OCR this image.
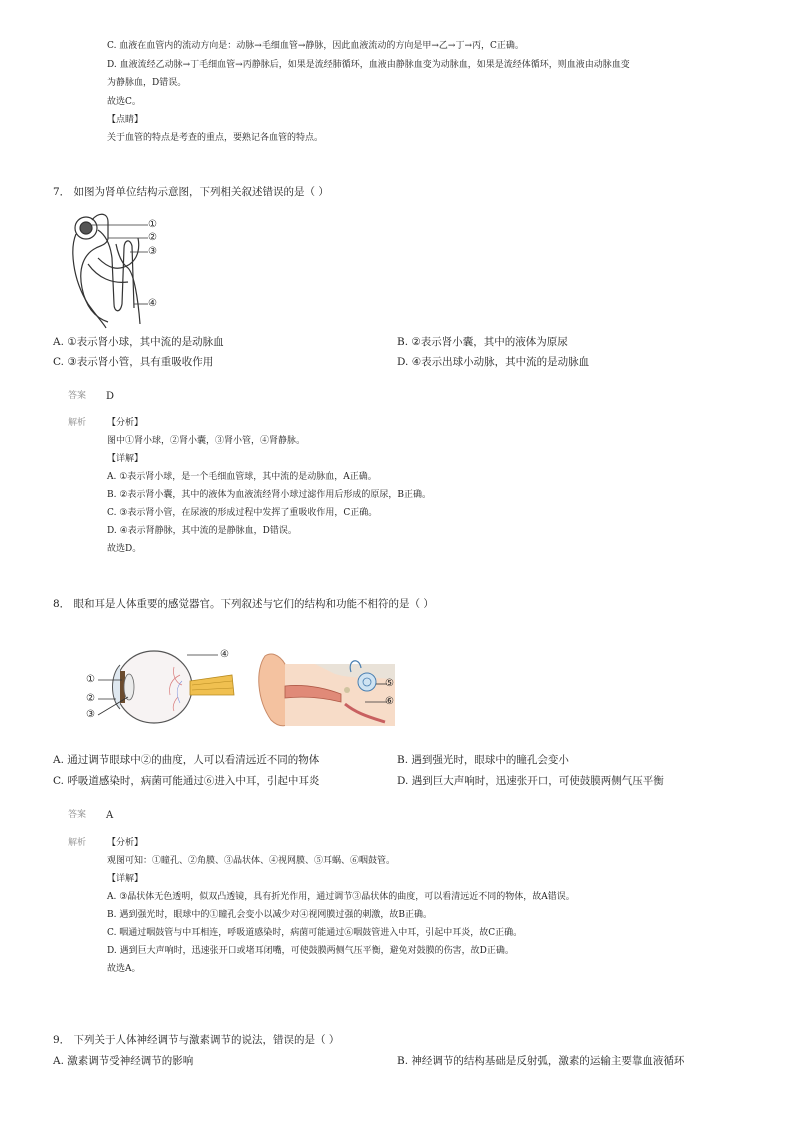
C. 血液在血管内的流动方向是：动脉→毛细血管→静脉，因此血液流动的方向是甲→乙→丁→丙，C正确。
D. 血液流经乙动脉→丁毛细血管→丙静脉后，如果是流经肺循环，血液由静脉血变为动脉血，如果是流经体循环，则血液由动脉血变
为静脉血，D错误。
故选C。
【点睛】
关于血管的特点是考查的重点，要熟记各血管的特点。
7． 如图为肾单位结构示意图，下列相关叙述错误的是（ ）
①
②
③
④
A. ①表示肾小球，其中流的是动脉血	B. ②表示肾小囊，其中的液体为原尿
C. ③表示肾小管，具有重吸收作用	D. ④表示出球小动脉，其中流的是动脉血
答案 D
解析 【分析】
图中①肾小球，②肾小囊，③肾小管，④肾静脉。
【详解】
A. ①表示肾小球，是一个毛细血管球，其中流的是动脉血，A正确。
B. ②表示肾小囊，其中的液体为血液流经肾小球过滤作用后形成的原尿，B正确。
C. ③表示肾小管，在尿液的形成过程中发挥了重吸收作用，C正确。
D. ④表示肾静脉，其中流的是静脉血，D错误。
故选D。
8． 眼和耳是人体重要的感觉器官。下列叙述与它们的结构和功能不相符的是（ ）
①
②
③
④
⑤
⑥
A. 通过调节眼球中②的曲度，人可以看清远近不同的物体	B. 遇到强光时，眼球中的瞳孔会变小
C. 呼吸道感染时，病菌可能通过⑥进入中耳，引起中耳炎	D. 遇到巨大声响时，迅速张开口，可使鼓膜两侧气压平衡
答案 A
解析 【分析】
观图可知：①瞳孔、②角膜、③晶状体、④视网膜、⑤耳蜗、⑥咽鼓管。
【详解】
A. ③晶状体无色透明，似双凸透镜，具有折光作用，通过调节③晶状体的曲度，可以看清远近不同的物体，故A错误。
B. 遇到强光时，眼球中的①瞳孔会变小以减少对④视网膜过强的刺激，故B正确。
C. 咽通过咽鼓管与中耳相连，呼吸道感染时，病菌可能通过⑥咽鼓管进入中耳，引起中耳炎，故C正确。
D. 遇到巨大声响时，迅速张开口或堵耳闭嘴，可使鼓膜两侧气压平衡，避免对鼓膜的伤害，故D正确。
故选A。
9． 下列关于人体神经调节与激素调节的说法，错误的是（ ）
A. 激素调节受神经调节的影响	B. 神经调节的结构基础是反射弧，激素的运输主要靠血液循环
